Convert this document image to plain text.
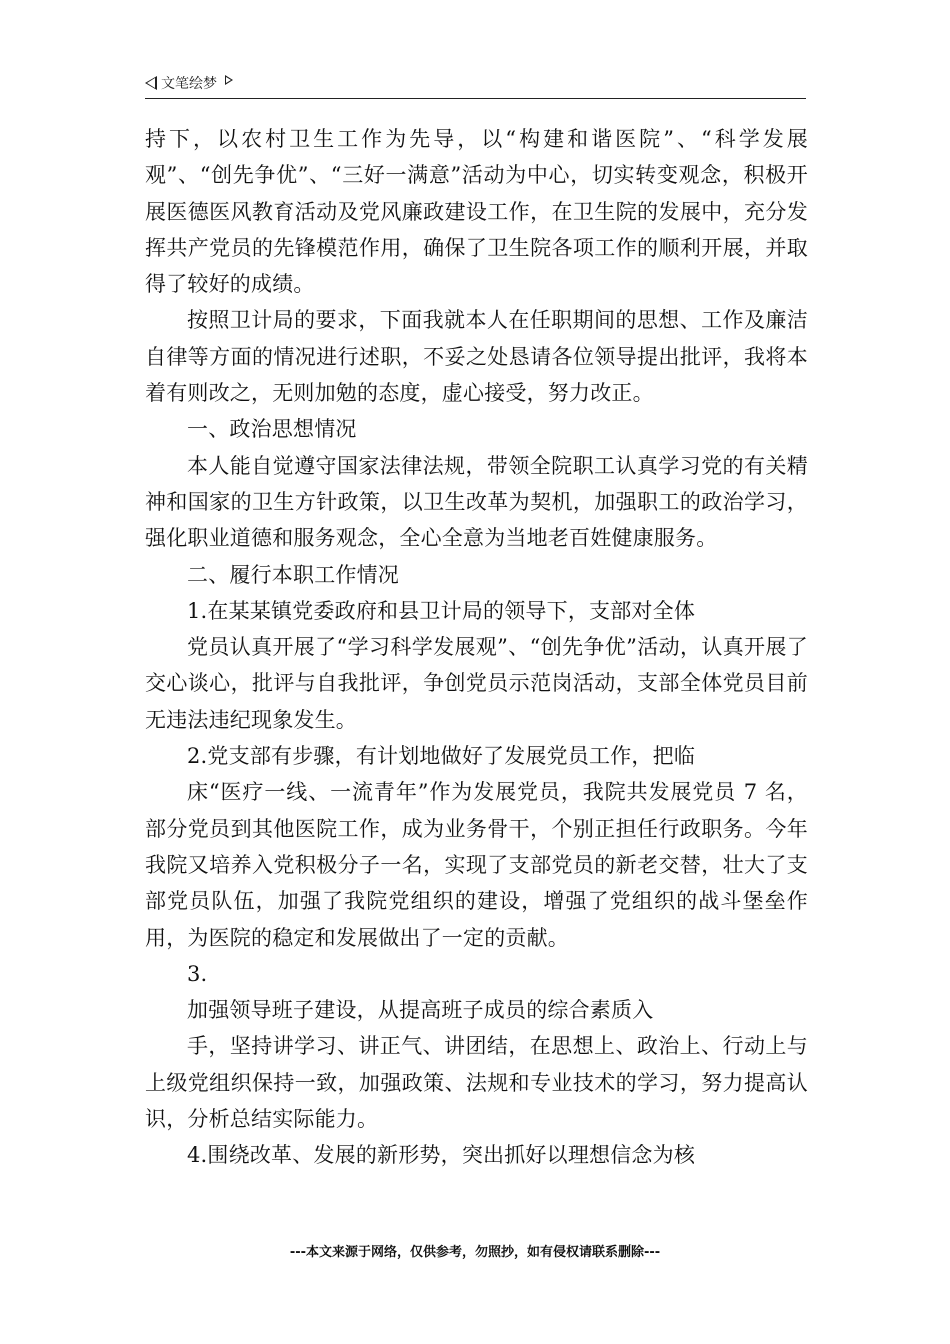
文笔绘梦

持下，以农村卫生工作为先导，以“构建和谐医院”、“科学发展观”、“创先争优”、“三好一满意”活动为中心，切实转变观念，积极开展医德医风教育活动及党风廉政建设工作，在卫生院的发展中，充分发挥共产党员的先锋模范作用，确保了卫生院各项工作的顺利开展，并取得了较好的成绩。

按照卫计局的要求，下面我就本人在任职期间的思想、工作及廉洁自律等方面的情况进行述职，不妥之处恳请各位领导提出批评，我将本着有则改之，无则加勉的态度，虚心接受，努力改正。

一、政治思想情况

本人能自觉遵守国家法律法规，带领全院职工认真学习党的有关精神和国家的卫生方针政策，以卫生改革为契机，加强职工的政治学习，强化职业道德和服务观念，全心全意为当地老百姓健康服务。

二、履行本职工作情况

1.在某某镇党委政府和县卫计局的领导下，支部对全体

党员认真开展了“学习科学发展观”、“创先争优”活动，认真开展了交心谈心，批评与自我批评，争创党员示范岗活动，支部全体党员目前无违法违纪现象发生。

2.党支部有步骤，有计划地做好了发展党员工作，把临

床“医疗一线、一流青年”作为发展党员，我院共发展党员 7 名，部分党员到其他医院工作，成为业务骨干，个别正担任行政职务。今年我院又培养入党积极分子一名，实现了支部党员的新老交替，壮大了支部党员队伍，加强了我院党组织的建设，增强了党组织的战斗堡垒作用，为医院的稳定和发展做出了一定的贡献。

3.

加强领导班子建设，从提高班子成员的综合素质入

手，坚持讲学习、讲正气、讲团结，在思想上、政治上、行动上与上级党组织保持一致，加强政策、法规和专业技术的学习，努力提高认识，分析总结实际能力。

4.围绕改革、发展的新形势，突出抓好以理想信念为核

---本文来源于网络，仅供参考，勿照抄，如有侵权请联系删除---
